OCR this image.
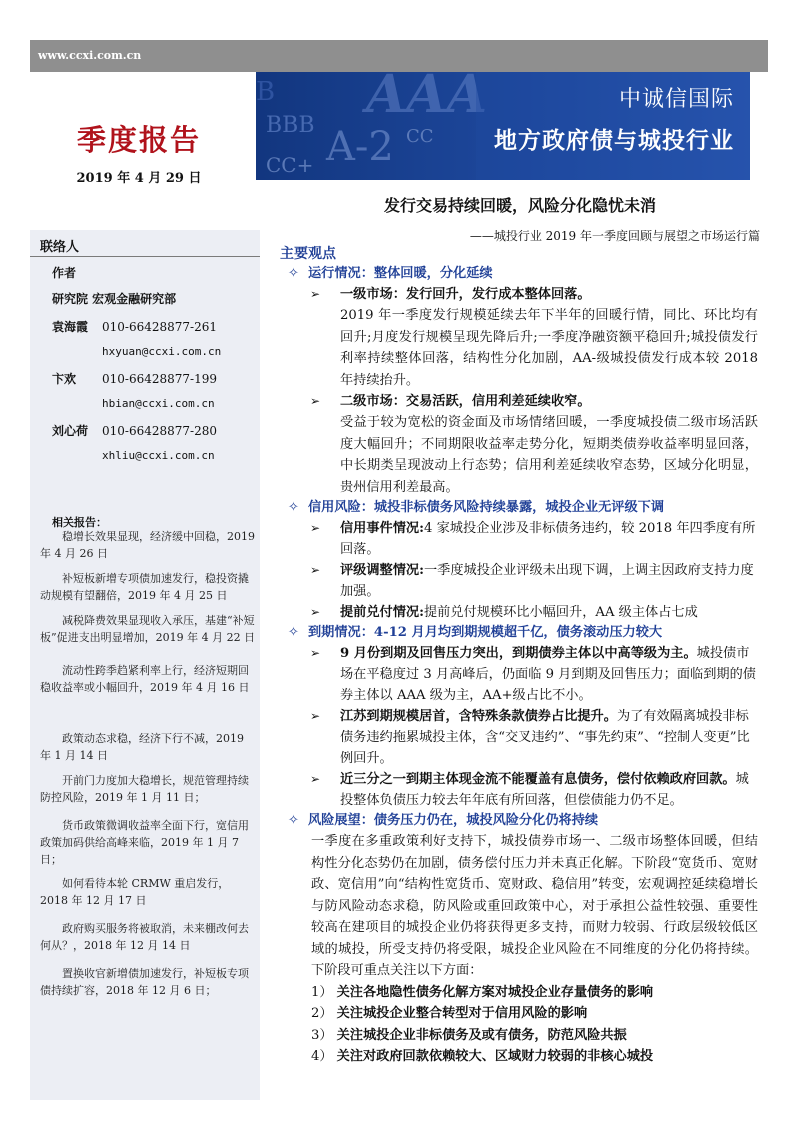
www.ccxi.com.cn
AAA
BBB A-2
CC+
CC
B	中诚信国际
地方政府债与城投行业
季度报告
2019 年 4 月 29 日
发行交易持续回暖，风险分化隐忧未消
——城投行业 2019 年一季度回顾与展望之市场运行篇
联络人
作者
研究院 宏观金融研究部
袁海霞 010-66428877-261
hxyuan@ccxi.com.cn
卞欢 010-66428877-199
hbian@ccxi.com.cn
刘心荷 010-66428877-280
xhliu@ccxi.com.cn
相关报告：
稳增长效果显现，经济缓中回稳，2019 年 4 月 26 日
补短板新增专项债加速发行，稳投资撬动规模有望翻倍，2019 年 4 月 25 日
减税降费效果显现收入承压，基建“补短板”促进支出明显增加，2019 年 4 月 22 日
流动性跨季趋紧利率上行，经济短期回稳收益率或小幅回升，2019 年 4 月 16 日
政策动态求稳，经济下行不减，2019 年 1 月 14 日
开前门力度加大稳增长，规范管理持续防控风险，2019 年 1 月 11 日；
货币政策微调收益率全面下行，宽信用政策加码供给高峰来临，2019 年 1 月 7 日；
如何看待本轮 CRMW 重启发行，2018 年 12 月 17 日
政府购买服务将被取消，未来棚改何去何从？，2018 年 12 月 14 日
置换收官新增债加速发行，补短板专项债持续扩容，2018 年 12 月 6 日；
主要观点
✧ 运行情况：整体回暖，分化延续
➢ 一级市场：发行回升，发行成本整体回落。
2019 年一季度发行规模延续去年下半年的回暖行情，同比、环比均有回升;月度发行规模呈现先降后升;一季度净融资额平稳回升;城投债发行利率持续整体回落，结构性分化加剧，AA-级城投债发行成本较 2018 年持续抬升。
➢ 二级市场：交易活跃，信用利差延续收窄。
受益于较为宽松的资金面及市场情绪回暖，一季度城投债二级市场活跃度大幅回升；不同期限收益率走势分化，短期类债券收益率明显回落，中长期类呈现波动上行态势；信用利差延续收窄态势，区域分化明显，贵州信用利差最高。
✧ 信用风险：城投非标债务风险持续暴露，城投企业无评级下调
➢ 信用事件情况:4 家城投企业涉及非标债务违约，较 2018 年四季度有所回落。
➢ 评级调整情况:一季度城投企业评级未出现下调，上调主因政府支持力度加强。
➢ 提前兑付情况:提前兑付规模环比小幅回升，AA 级主体占七成
✧ 到期情况：4-12 月月均到期规模超千亿，债务滚动压力较大
➢ 9 月份到期及回售压力突出，到期债券主体以中高等级为主。城投债市场在平稳度过 3 月高峰后，仍面临 9 月到期及回售压力；面临到期的债券主体以 AAA 级为主，AA+级占比不小。
➢ 江苏到期规模居首，含特殊条款债券占比提升。为了有效隔离城投非标债务违约拖累城投主体，含“交叉违约”、“事先约束”、“控制人变更”比例回升。
➢ 近三分之一到期主体现金流不能覆盖有息债务，偿付依赖政府回款。城投整体负债压力较去年年底有所回落，但偿债能力仍不足。
✧ 风险展望：债务压力仍在，城投风险分化仍将持续
一季度在多重政策利好支持下，城投债券市场一、二级市场整体回暖，但结构性分化态势仍在加剧，债务偿付压力并未真正化解。下阶段“宽货币、宽财政、宽信用”向“结构性宽货币、宽财政、稳信用”转变，宏观调控延续稳增长与防风险动态求稳，防风险或重回政策中心，对于承担公益性较强、重要性较高在建项目的城投企业仍将获得更多支持，而财力较弱、行政层级较低区域的城投，所受支持仍将受限，城投企业风险在不同维度的分化仍将持续。下阶段可重点关注以下方面：
1） 关注各地隐性债务化解方案对城投企业存量债务的影响
2） 关注城投企业整合转型对于信用风险的影响
3） 关注城投企业非标债务及或有债务，防范风险共振
4） 关注对政府回款依赖较大、区域财力较弱的非核心城投
